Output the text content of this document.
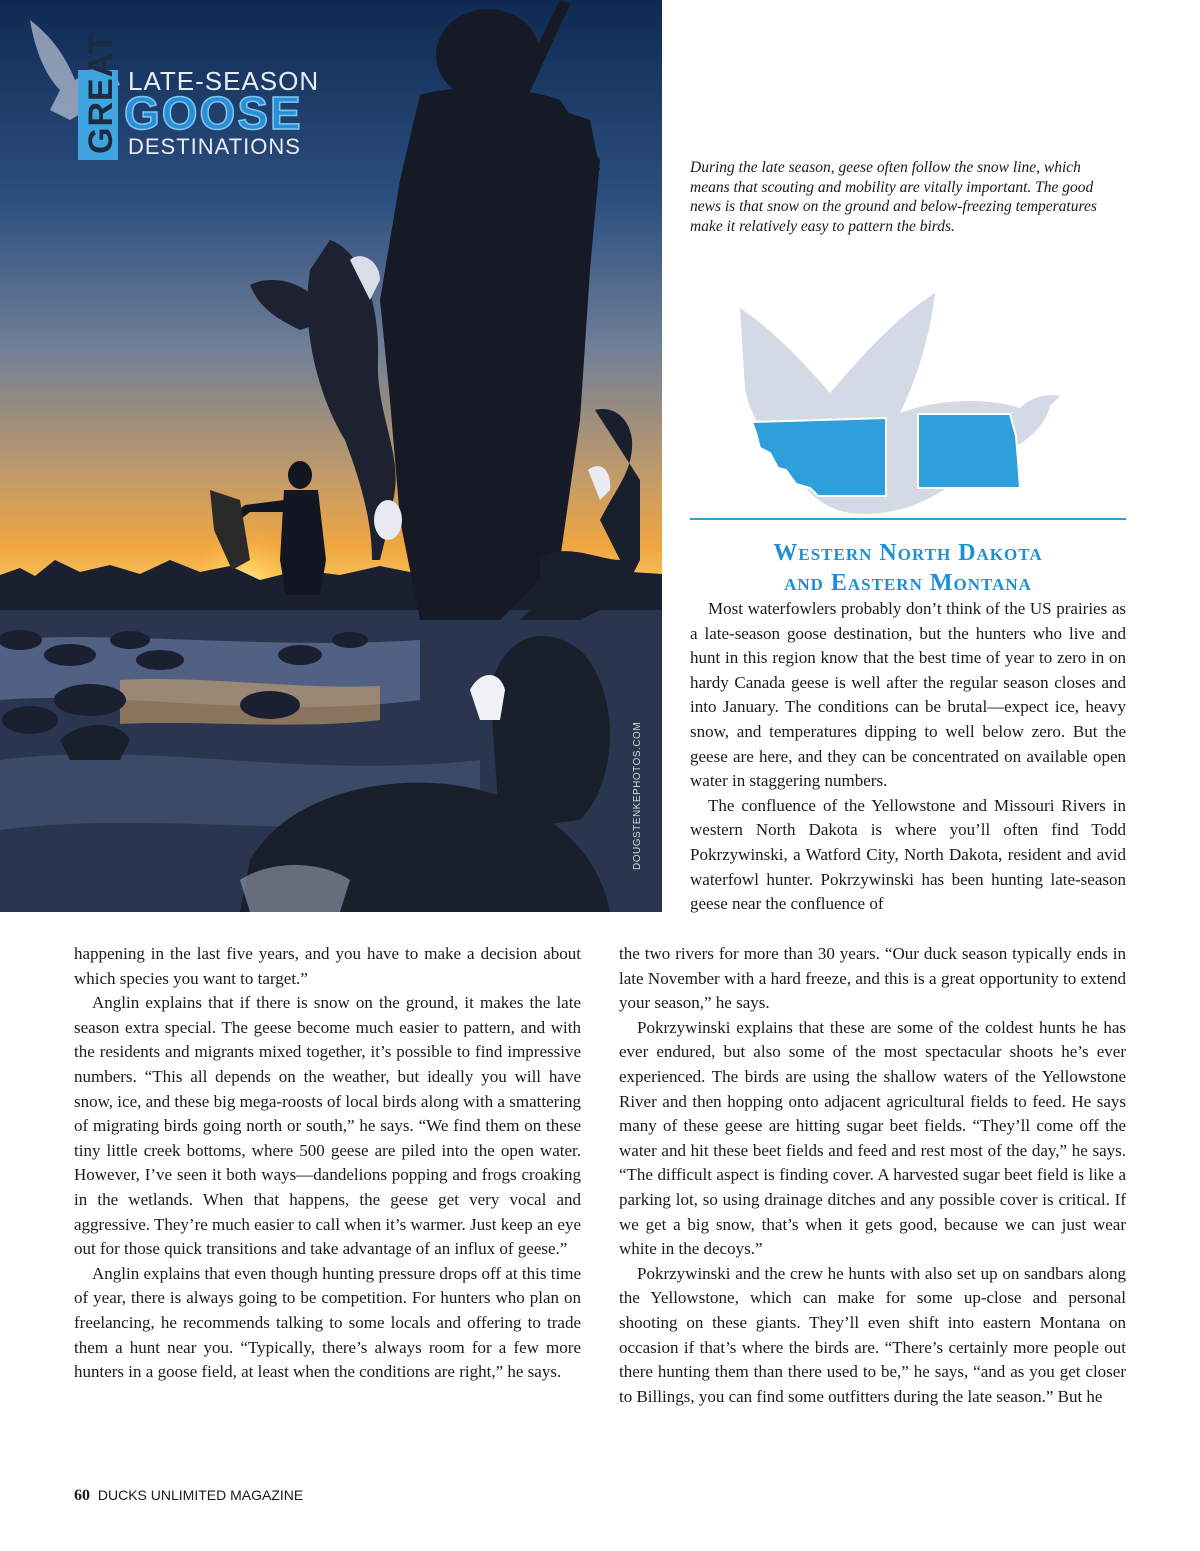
DOUGSTENKEPHOTOS.COM
GREAT LATE-SEASON
GOOSE
DESTINATIONS
During the late season, geese often follow the snow line, which means that scouting and mobility are vitally important. The good news is that snow on the ground and below-freezing temperatures make it relatively easy to pattern the birds.
Western North Dakota
and Eastern Montana

Most waterfowlers probably don’t think of the US prairies as a late-season goose destination, but the hunters who live and hunt in this region know that the best time of year to zero in on hardy Canada geese is well after the regular season closes and into January. The conditions can be brutal—expect ice, heavy snow, and temperatures dipping to well below zero. But the geese are here, and they can be concentrated on available open water in staggering numbers.

The confluence of the Yellowstone and Missouri Rivers in western North Dakota is where you’ll often find Todd Pokrzywinski, a Watford City, North Dakota, resident and avid waterfowl hunter. Pokrzywinski has been hunting late-season geese near the confluence of

happening in the last five years, and you have to make a decision about which species you want to target.”

Anglin explains that if there is snow on the ground, it makes the late season extra special. The geese become much easier to pattern, and with the residents and migrants mixed together, it’s possible to find impressive numbers. “This all depends on the weather, but ideally you will have snow, ice, and these big mega-roosts of local birds along with a smattering of migrating birds going north or south,” he says. “We find them on these tiny little creek bottoms, where 500 geese are piled into the open water. However, I’ve seen it both ways—dandelions popping and frogs croaking in the wetlands. When that happens, the geese get very vocal and aggressive. They’re much easier to call when it’s warmer. Just keep an eye out for those quick transitions and take advantage of an influx of geese.”

Anglin explains that even though hunting pressure drops off at this time of year, there is always going to be competition. For hunters who plan on freelancing, he recommends talking to some locals and offering to trade them a hunt near you. “Typically, there’s always room for a few more hunters in a goose field, at least when the conditions are right,” he says.

the two rivers for more than 30 years. “Our duck season typically ends in late November with a hard freeze, and this is a great opportunity to extend your season,” he says.

Pokrzywinski explains that these are some of the coldest hunts he has ever endured, but also some of the most spectacular shoots he’s ever experienced. The birds are using the shallow waters of the Yellowstone River and then hopping onto adjacent agricultural fields to feed. He says many of these geese are hitting sugar beet fields. “They’ll come off the water and hit these beet fields and feed and rest most of the day,” he says. “The difficult aspect is finding cover. A harvested sugar beet field is like a parking lot, so using drainage ditches and any possible cover is critical. If we get a big snow, that’s when it gets good, because we can just wear white in the decoys.”

Pokrzywinski and the crew he hunts with also set up on sandbars along the Yellowstone, which can make for some up-close and personal shooting on these giants. They’ll even shift into eastern Montana on occasion if that’s where the birds are. “There’s certainly more people out there hunting them than there used to be,” he says, “and as you get closer to Billings, you can find some outfitters during the late season.” But he

60 DUCKS UNLIMITED MAGAZINE
